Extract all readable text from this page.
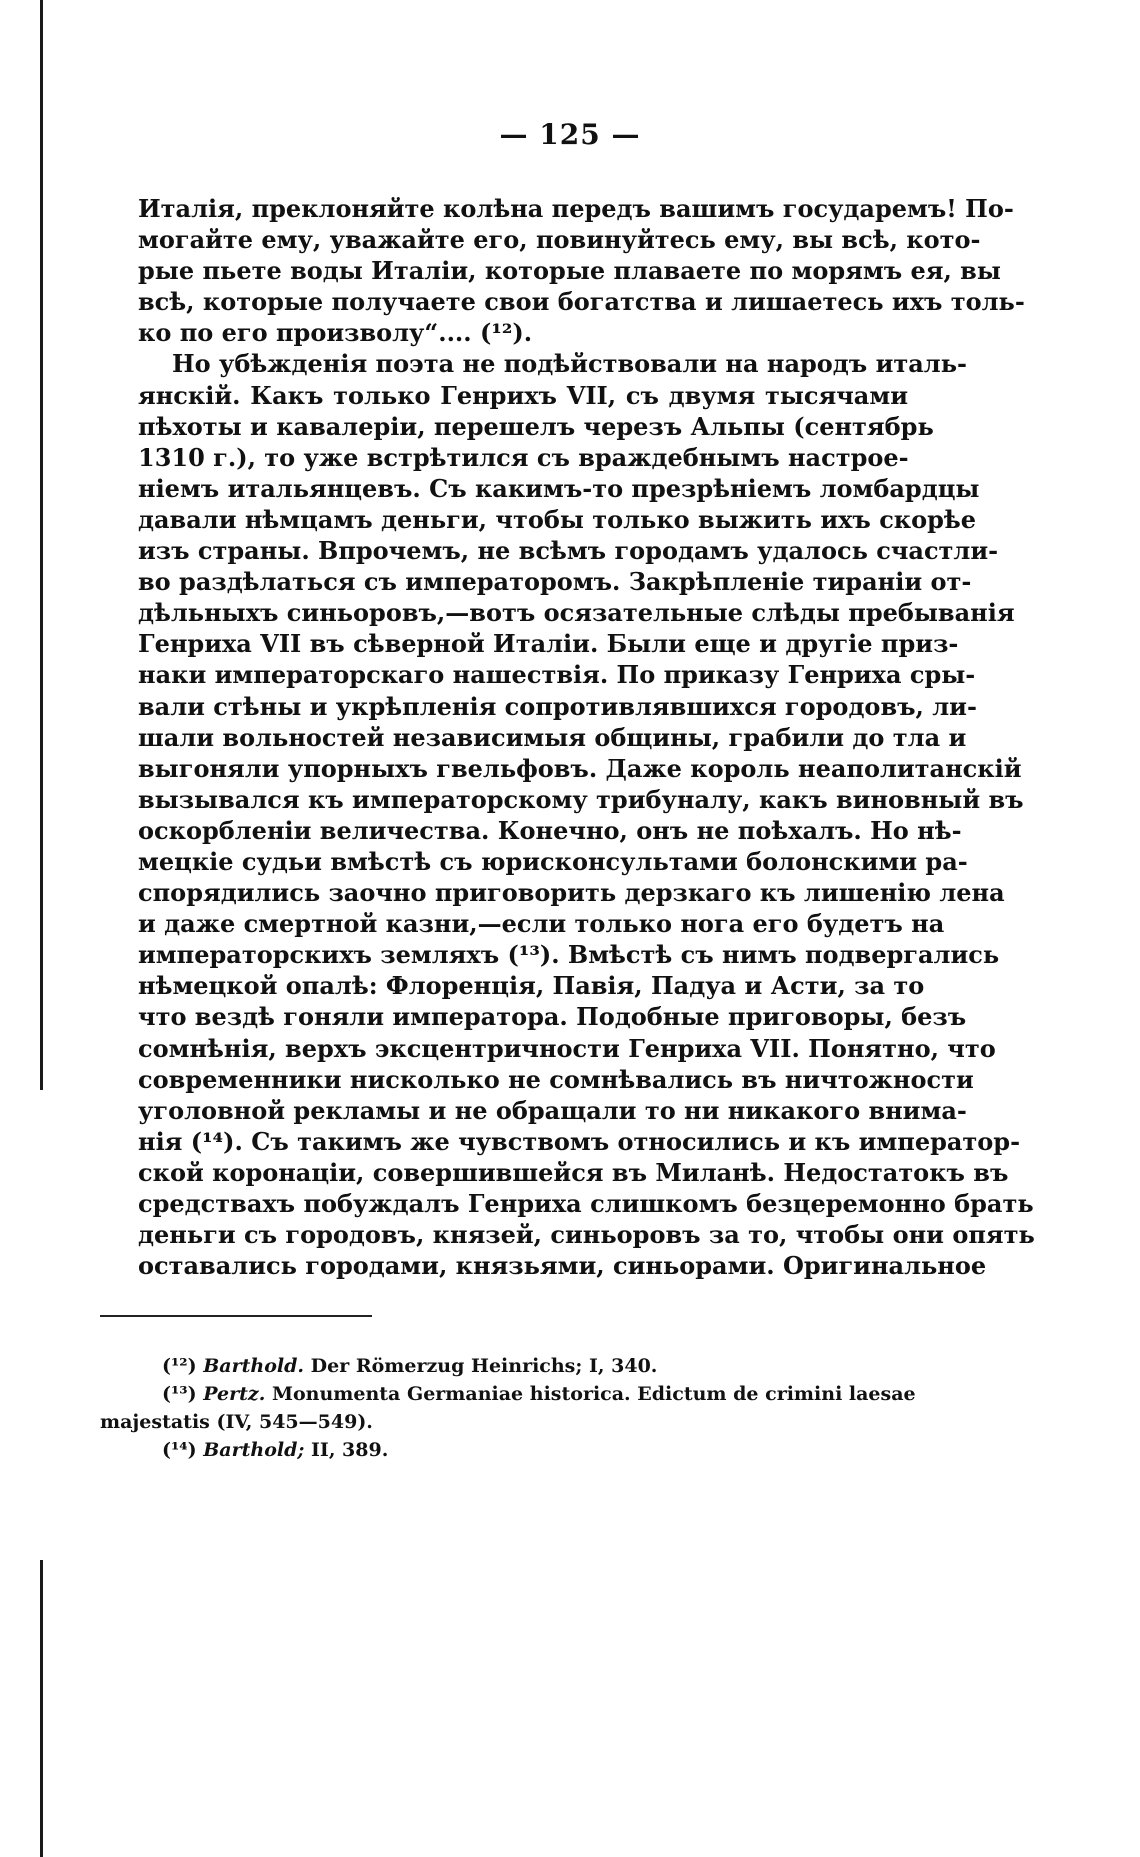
— 125 —
Италія, преклоняйте колѣна передъ вашимъ государемъ! По-
могайте ему, уважайте его, повинуйтесь ему, вы всѣ, кото-
рые пьете воды Италіи, которые плаваете по морямъ ея, вы
всѣ, которые получаете свои богатства и лишаетесь ихъ толь-
ко по его произволу“.... (¹²).
Но убѣжденія поэта не подѣйствовали на народъ италь-
янскій. Какъ только Генрихъ VII, съ двумя тысячами
пѣхоты и кавалеріи, перешелъ черезъ Альпы (сентябрь
1310 г.), то уже встрѣтился съ враждебнымъ настрое-
ніемъ итальянцевъ. Съ какимъ-то презрѣніемъ ломбардцы
давали нѣмцамъ деньги, чтобы только выжить ихъ скорѣе
изъ страны. Впрочемъ, не всѣмъ городамъ удалось счастли-
во раздѣлаться съ императоромъ. Закрѣпленіе тираніи от-
дѣльныхъ синьоровъ,—вотъ осязательные слѣды пребыванія
Генриха VII въ сѣверной Италіи. Были еще и другіе приз-
наки императорскаго нашествія. По приказу Генриха сры-
вали стѣны и укрѣпленія сопротивлявшихся городовъ, ли-
шали вольностей независимыя общины, грабили до тла и
выгоняли упорныхъ гвельфовъ. Даже король неаполитанскій
вызывался къ императорскому трибуналу, какъ виновный въ
оскорбленіи величества. Конечно, онъ не поѣхалъ. Но нѣ-
мецкіе судьи вмѣстѣ съ юрисконсультами болонскими ра-
спорядились заочно приговорить дерзкаго къ лишенію лена
и даже смертной казни,—если только нога его будетъ на
императорскихъ земляхъ (¹³). Вмѣстѣ съ нимъ подвергались
нѣмецкой опалѣ: Флоренція, Павія, Падуа и Асти, за то
что вездѣ гоняли императора. Подобные приговоры, безъ
сомнѣнія, верхъ эксцентричности Генриха VII. Понятно, что
современники нисколько не сомнѣвались въ ничтожности
уголовной рекламы и не обращали то ни никакого внима-
нія (¹⁴). Съ такимъ же чувствомъ относились и къ император-
ской коронаціи, совершившейся въ Миланѣ. Недостатокъ въ
средствахъ побуждалъ Генриха слишкомъ безцеремонно брать
деньги съ городовъ, князей, синьоровъ за то, чтобы они опять
оставались городами, князьями, синьорами. Оригинальное
(¹²) Barthold. Der Römerzug Heinrichs; I, 340.
(¹³) Pertz. Monumenta Germaniae historica. Edictum de crimini laesae
majestatis (IV, 545—549).
(¹⁴) Barthold; II, 389.
